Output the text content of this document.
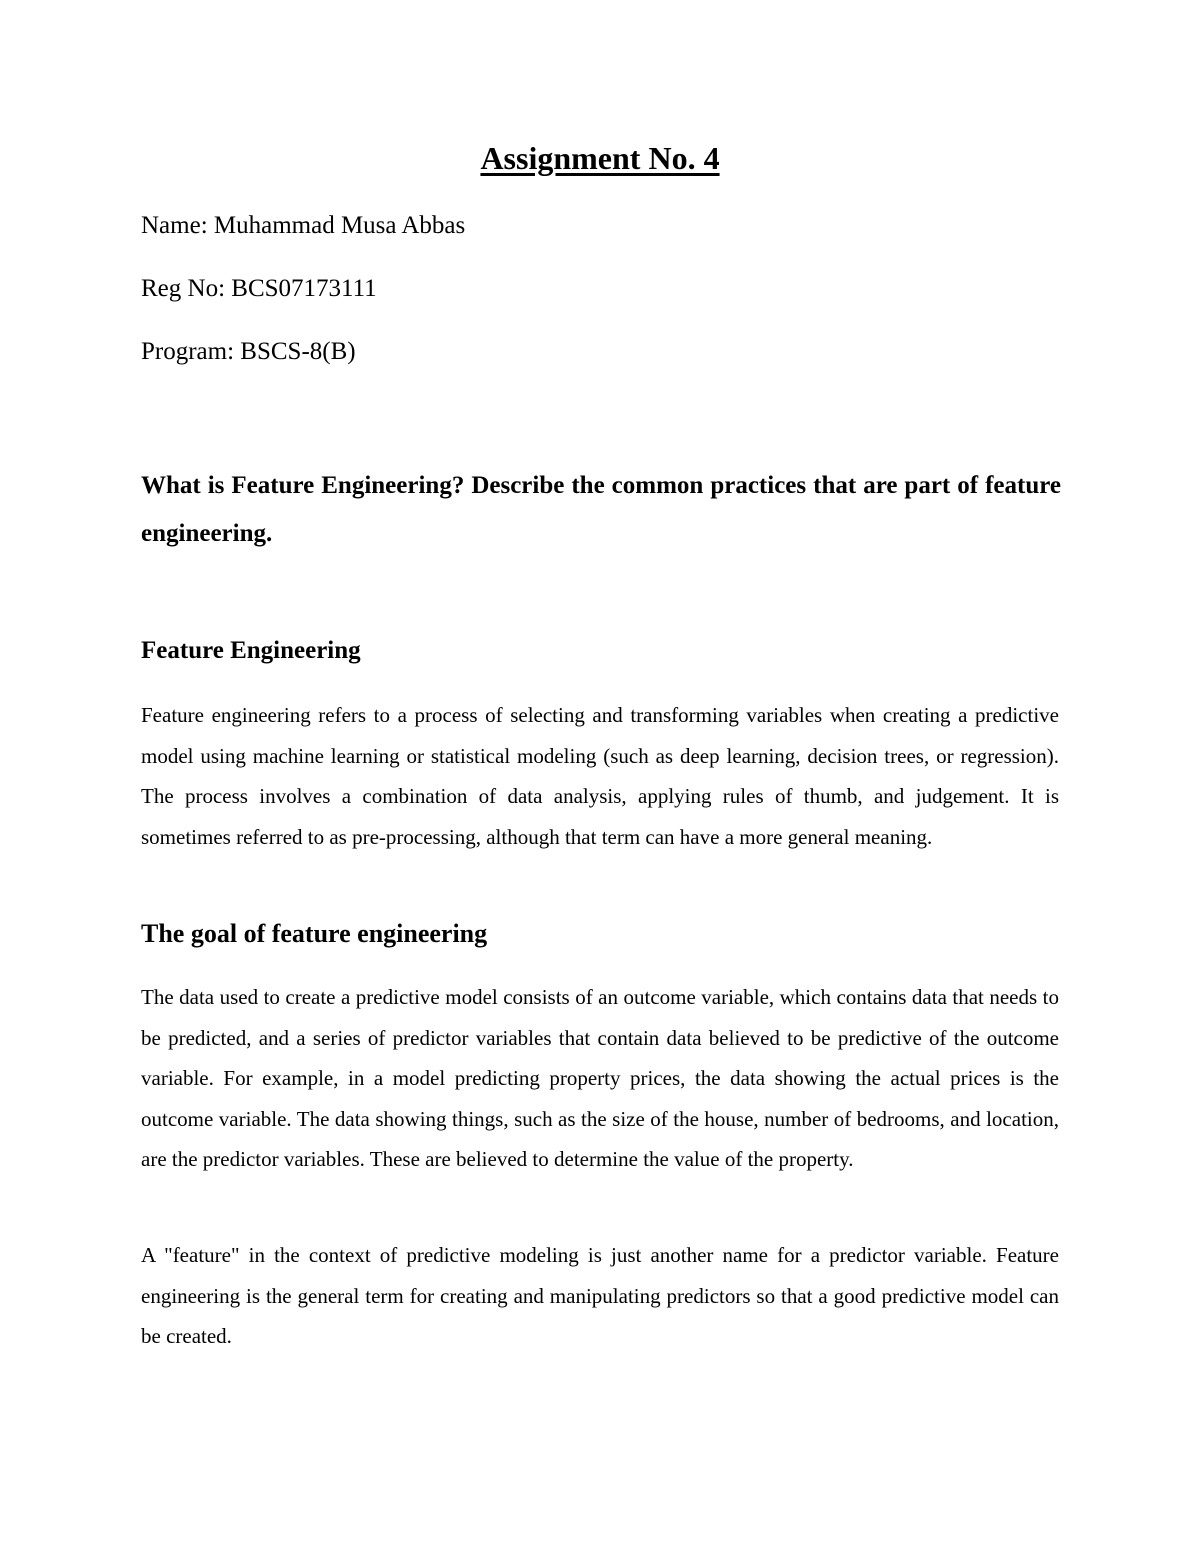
Assignment No. 4
Name: Muhammad Musa Abbas
Reg No: BCS07173111
Program: BSCS-8(B)
What is Feature Engineering? Describe the common practices that are part of feature engineering.
Feature Engineering
Feature engineering refers to a process of selecting and transforming variables when creating a predictive model using machine learning or statistical modeling (such as deep learning, decision trees, or regression). The process involves a combination of data analysis, applying rules of thumb, and judgement. It is sometimes referred to as pre-processing, although that term can have a more general meaning.
The goal of feature engineering
The data used to create a predictive model consists of an outcome variable, which contains data that needs to be predicted, and a series of predictor variables that contain data believed to be predictive of the outcome variable. For example, in a model predicting property prices, the data showing the actual prices is the outcome variable. The data showing things, such as the size of the house, number of bedrooms, and location, are the predictor variables. These are believed to determine the value of the property.
A "feature" in the context of predictive modeling is just another name for a predictor variable. Feature engineering is the general term for creating and manipulating predictors so that a good predictive model can be created.
